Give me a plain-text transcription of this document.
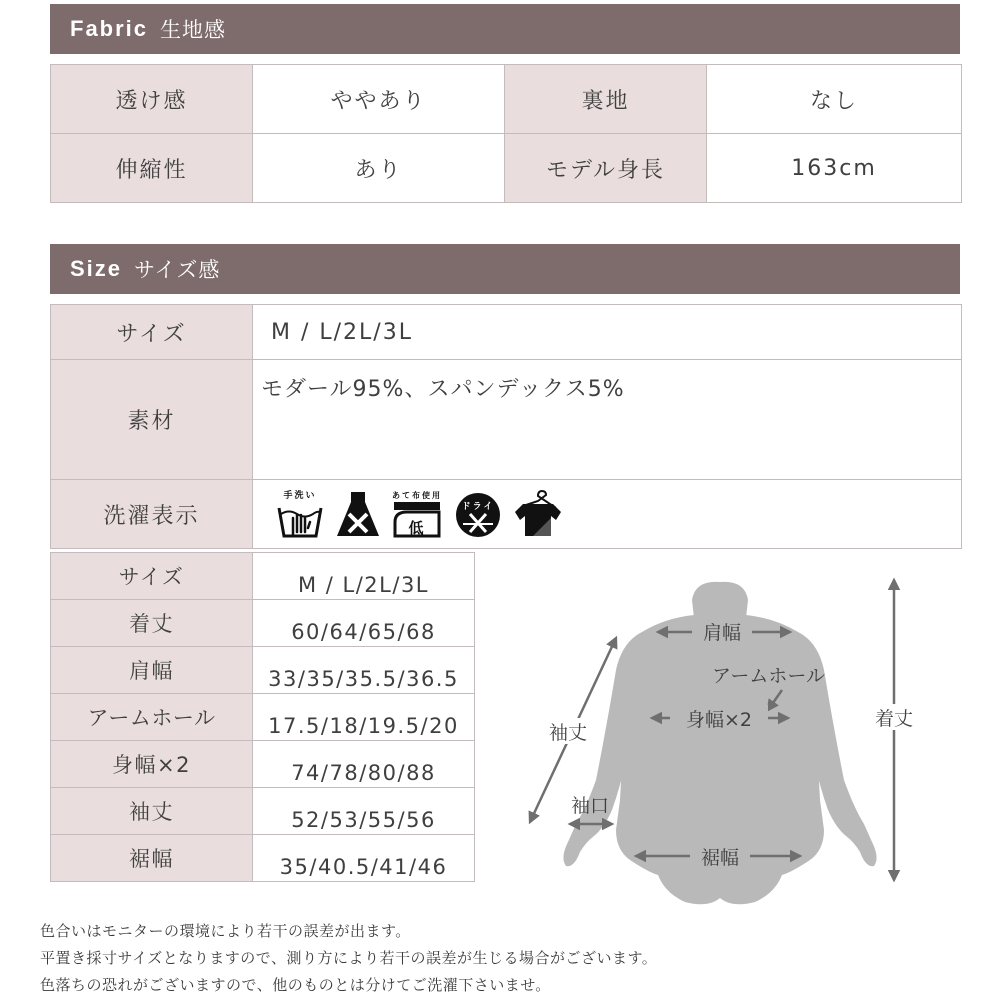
Fabric 生地感
透け感	ややあり	裏地	なし
伸縮性	あり	モデル身長	163cm
Size サイズ感
サイズ	M / L/2L/3L
素材	モダール95%、スパンデックス5%
洗濯表示	手洗い あて布使用
低
ドライ
サイズ	M / L/2L/3L
着丈	60/64/65/68
肩幅	33/35/35.5/36.5
アームホール	17.5/18/19.5/20
身幅×2	74/78/80/88
袖丈	52/53/55/56
裾幅	35/40.5/41/46
肩幅
アームホール
身幅×2
袖丈
袖口
裾幅
着丈
色合いはモニターの環境により若干の誤差が出ます。
平置き採寸サイズとなりますので、測り方により若干の誤差が生じる場合がございます。
色落ちの恐れがございますので、他のものとは分けてご洗濯下さいませ。
